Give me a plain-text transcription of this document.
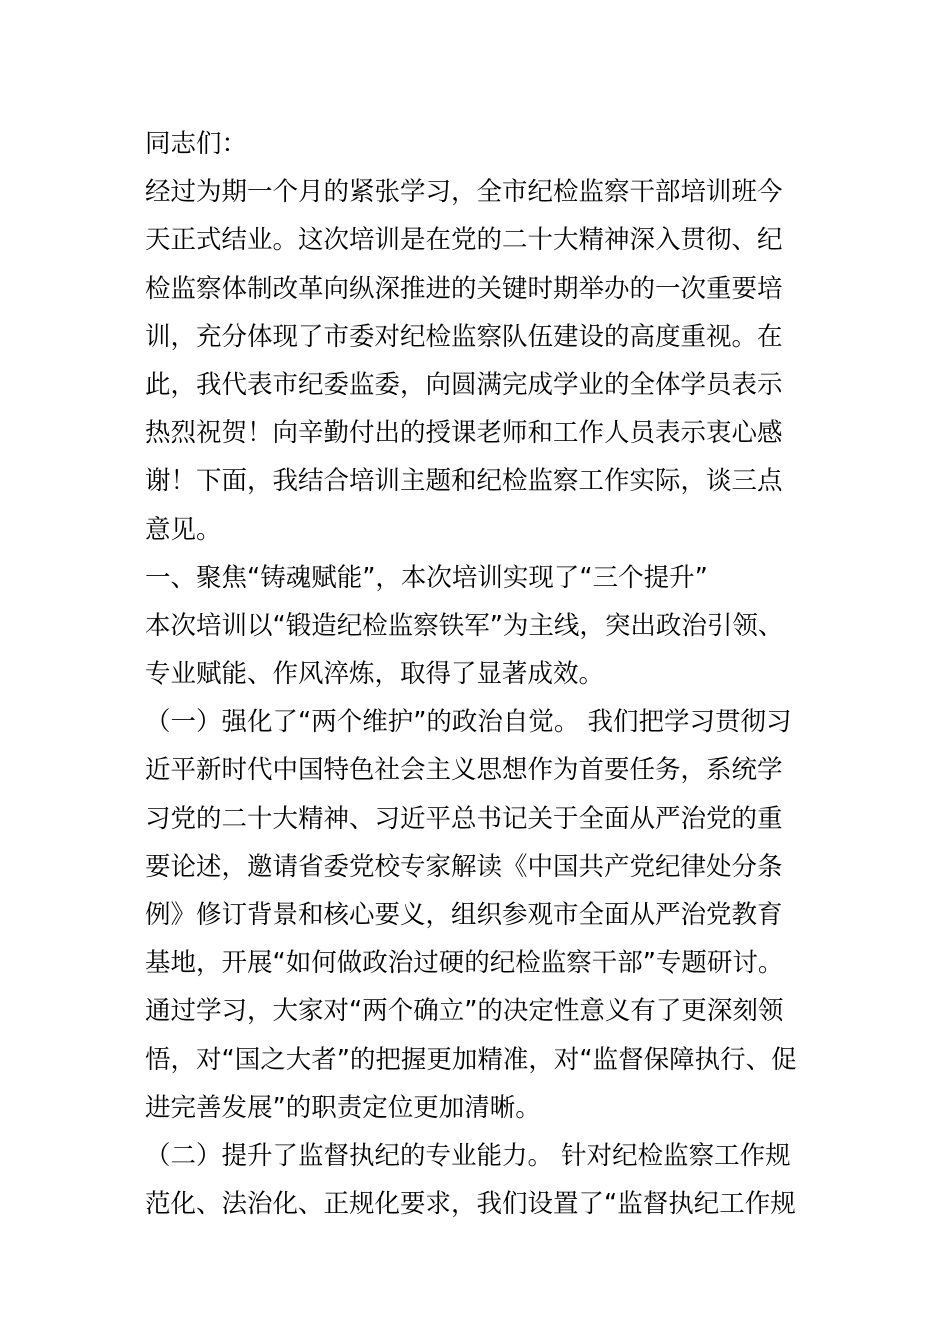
同志们：
经过为期一个月的紧张学习，全市纪检监察干部培训班今
天正式结业。这次培训是在党的二十大精神深入贯彻、纪
检监察体制改革向纵深推进的关键时期举办的一次重要培
训，充分体现了市委对纪检监察队伍建设的高度重视。在
此，我代表市纪委监委，向圆满完成学业的全体学员表示
热烈祝贺！向辛勤付出的授课老师和工作人员表示衷心感
谢！下面，我结合培训主题和纪检监察工作实际，谈三点
意见。
一、聚焦“铸魂赋能”，本次培训实现了“三个提升”
本次培训以“锻造纪检监察铁军”为主线，突出政治引领、
专业赋能、作风淬炼，取得了显著成效。
（一）强化了“两个维护”的政治自觉。 我们把学习贯彻习
近平新时代中国特色社会主义思想作为首要任务，系统学
习党的二十大精神、习近平总书记关于全面从严治党的重
要论述，邀请省委党校专家解读《中国共产党纪律处分条
例》修订背景和核心要义，组织参观市全面从严治党教育
基地，开展“如何做政治过硬的纪检监察干部”专题研讨。
通过学习，大家对“两个确立”的决定性意义有了更深刻领
悟，对“国之大者”的把握更加精准，对“监督保障执行、促
进完善发展”的职责定位更加清晰。
（二）提升了监督执纪的专业能力。 针对纪检监察工作规
范化、法治化、正规化要求，我们设置了“监督执纪工作规
